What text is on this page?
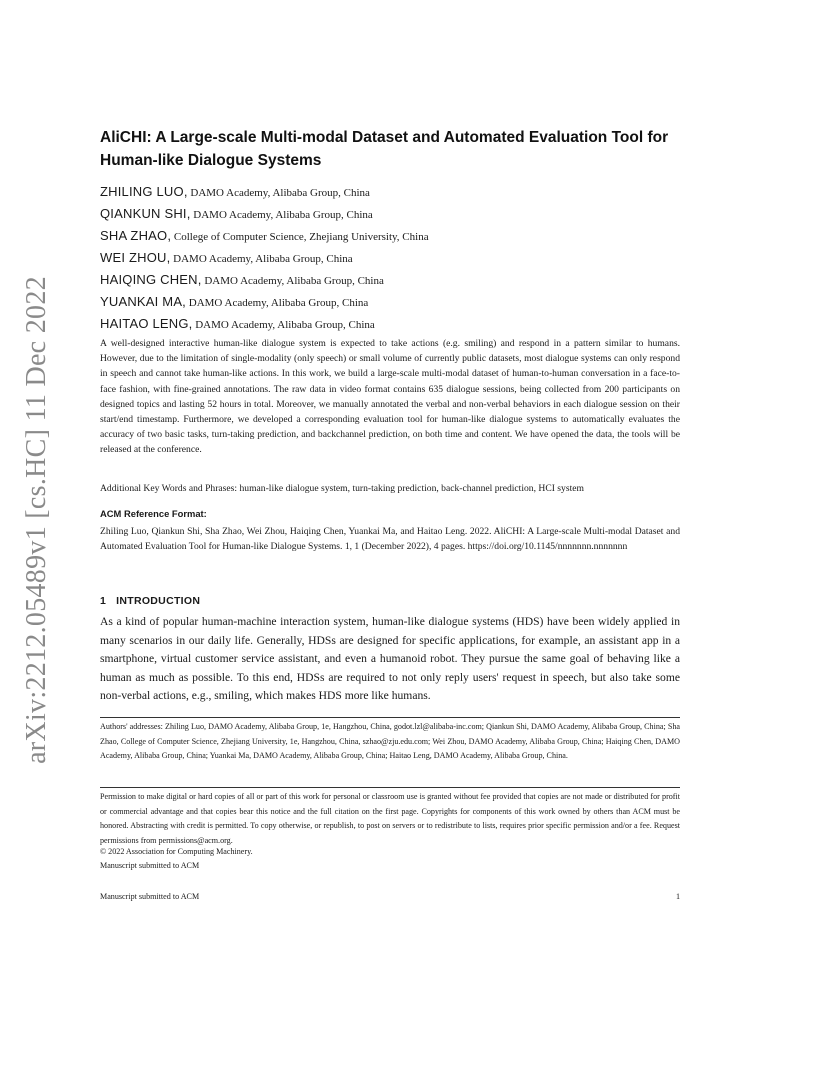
arXiv:2212.05489v1 [cs.HC] 11 Dec 2022
AliCHI: A Large-scale Multi-modal Dataset and Automated Evaluation Tool for Human-like Dialogue Systems
ZHILING LUO, DAMO Academy, Alibaba Group, China
QIANKUN SHI, DAMO Academy, Alibaba Group, China
SHA ZHAO, College of Computer Science, Zhejiang University, China
WEI ZHOU, DAMO Academy, Alibaba Group, China
HAIQING CHEN, DAMO Academy, Alibaba Group, China
YUANKAI MA, DAMO Academy, Alibaba Group, China
HAITAO LENG, DAMO Academy, Alibaba Group, China

A well-designed interactive human-like dialogue system is expected to take actions (e.g. smiling) and respond in a pattern similar to humans. However, due to the limitation of single-modality (only speech) or small volume of currently public datasets, most dialogue systems can only respond in speech and cannot take human-like actions. In this work, we build a large-scale multi-modal dataset of human-to-human conversation in a face-to-face fashion, with fine-grained annotations. The raw data in video format contains 635 dialogue sessions, being collected from 200 participants on designed topics and lasting 52 hours in total. Moreover, we manually annotated the verbal and non-verbal behaviors in each dialogue session on their start/end timestamp. Furthermore, we developed a corresponding evaluation tool for human-like dialogue systems to automatically evaluates the accuracy of two basic tasks, turn-taking prediction, and backchannel prediction, on both time and content. We have opened the data, the tools will be released at the conference.

Additional Key Words and Phrases: human-like dialogue system, turn-taking prediction, back-channel prediction, HCI system

ACM Reference Format:

Zhiling Luo, Qiankun Shi, Sha Zhao, Wei Zhou, Haiqing Chen, Yuankai Ma, and Haitao Leng. 2022. AliCHI: A Large-scale Multi-modal Dataset and Automated Evaluation Tool for Human-like Dialogue Systems. 1, 1 (December 2022), 4 pages. https://doi.org/10.1145/nnnnnnn.nnnnnnn

1 INTRODUCTION

As a kind of popular human-machine interaction system, human-like dialogue systems (HDS) have been widely applied in many scenarios in our daily life. Generally, HDSs are designed for specific applications, for example, an assistant app in a smartphone, virtual customer service assistant, and even a humanoid robot. They pursue the same goal of behaving like a human as much as possible. To this end, HDSs are required to not only reply users' request in speech, but also take some non-verbal actions, e.g., smiling, which makes HDS more like humans.

Authors' addresses: Zhiling Luo, DAMO Academy, Alibaba Group, 1e, Hangzhou, China, godot.lzl@alibaba-inc.com; Qiankun Shi, DAMO Academy, Alibaba Group, China; Sha Zhao, College of Computer Science, Zhejiang University, 1e, Hangzhou, China, szhao@zju.edu.com; Wei Zhou, DAMO Academy, Alibaba Group, China; Haiqing Chen, DAMO Academy, Alibaba Group, China; Yuankai Ma, DAMO Academy, Alibaba Group, China; Haitao Leng, DAMO Academy, Alibaba Group, China.

Permission to make digital or hard copies of all or part of this work for personal or classroom use is granted without fee provided that copies are not made or distributed for profit or commercial advantage and that copies bear this notice and the full citation on the first page. Copyrights for components of this work owned by others than ACM must be honored. Abstracting with credit is permitted. To copy otherwise, or republish, to post on servers or to redistribute to lists, requires prior specific permission and/or a fee. Request permissions from permissions@acm.org.

© 2022 Association for Computing Machinery.
Manuscript submitted to ACM
Manuscript submitted to ACM	1
